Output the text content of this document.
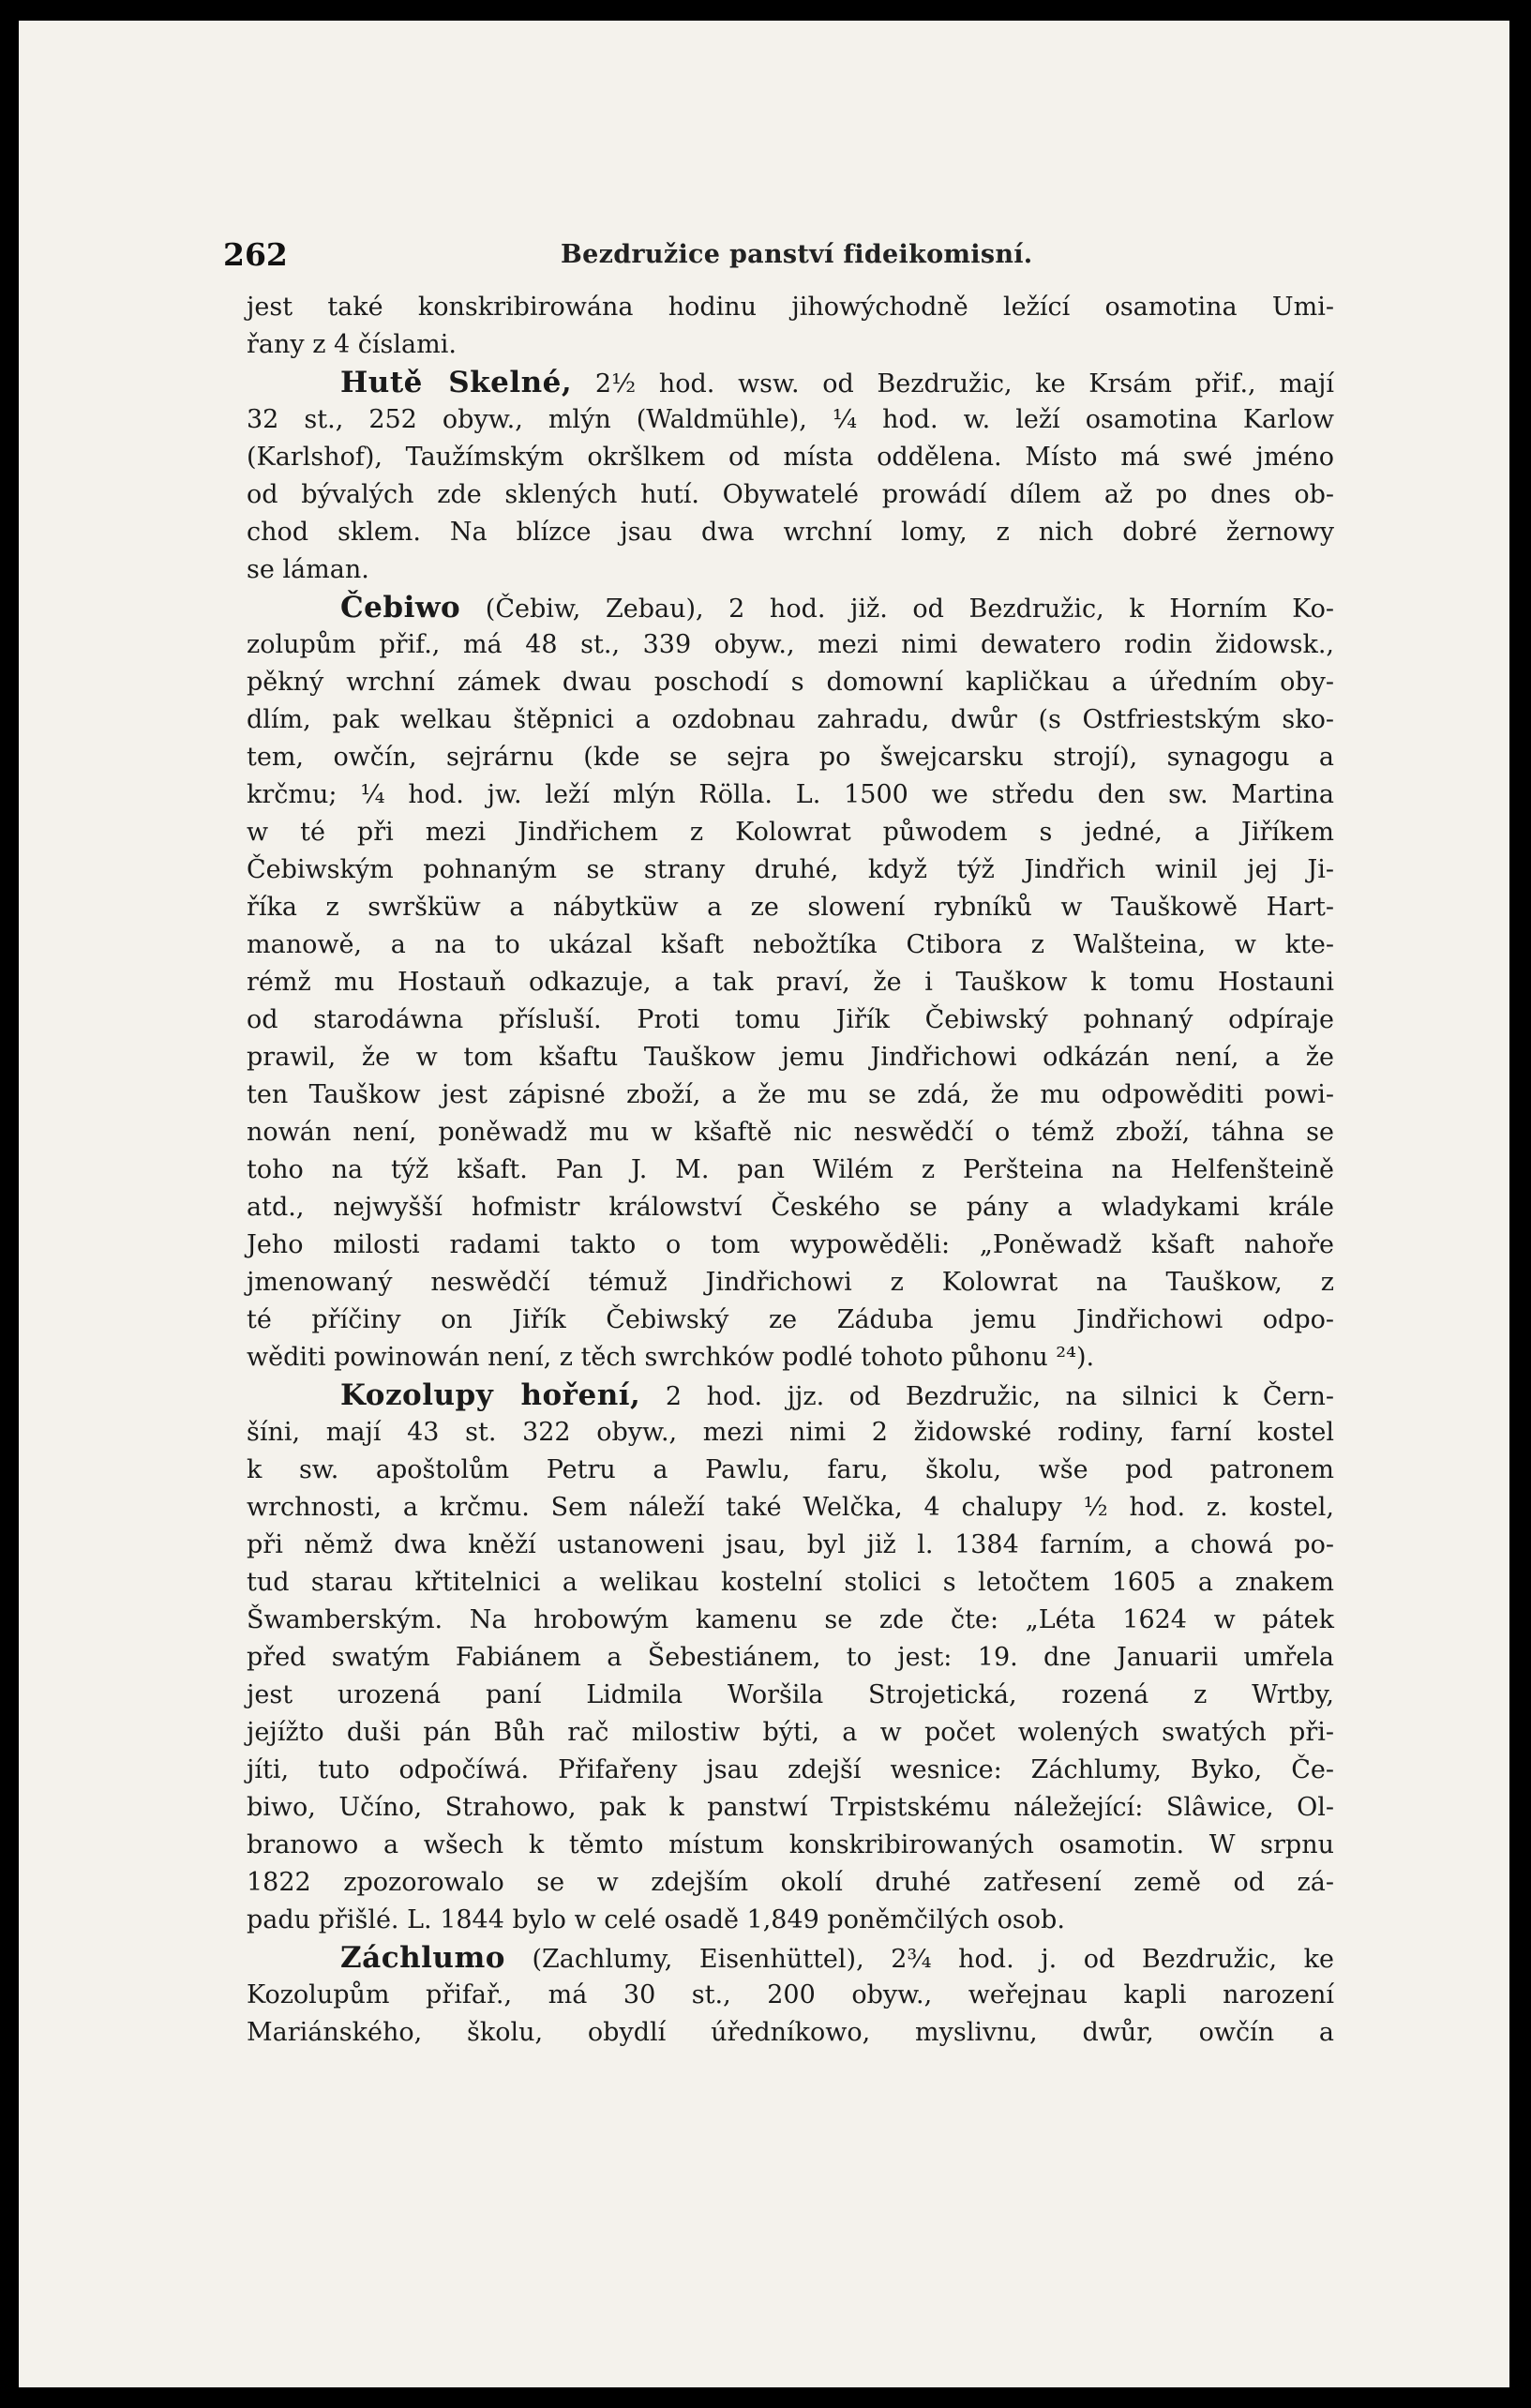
262	Bezdružice panství fideikomisní.
jest také konskribirowána hodinu jihowýchodně ležící osamotina Umi-
řany z 4 číslami.
Hutě Skelné, 2½ hod. wsw. od Bezdružic, ke Krsám přif., mají
32 st., 252 obyw., mlýn (Waldmühle), ¼ hod. w. leží osamotina Karlow
(Karlshof), Taužímským okršlkem od místa oddělena. Místo má swé jméno
od bývalých zde sklených hutí. Obywatelé prowádí dílem až po dnes ob-
chod sklem. Na blízce jsau dwa wrchní lomy, z nich dobré žernowy
se láman.
Čebiwo (Čebiw, Zebau), 2 hod. již. od Bezdružic, k Horním Ko-
zolupům přif., má 48 st., 339 obyw., mezi nimi dewatero rodin židowsk.,
pěkný wrchní zámek dwau poschodí s domowní kapličkau a úředním oby-
dlím, pak welkau štěpnici a ozdobnau zahradu, dwůr (s Ostfriestským sko-
tem, owčín, sejrárnu (kde se sejra po šwejcarsku strojí), synagogu a
krčmu; ¼ hod. jw. leží mlýn Rölla. L. 1500 we středu den sw. Martina
w té při mezi Jindřichem z Kolowrat půwodem s jedné, a Jiříkem
Čebiwským pohnaným se strany druhé, když týž Jindřich winil jej Ji-
říka z swršküw a nábytküw a ze slowení rybníků w Tauškowě Hart-
manowě, a na to ukázal kšaft nebožtíka Ctibora z Walšteina, w kte-
rémž mu Hostauň odkazuje, a tak praví, že i Tauškow k tomu Hostauni
od starodáwna přísluší. Proti tomu Jiřík Čebiwský pohnaný odpíraje
prawil, že w tom kšaftu Tauškow jemu Jindřichowi odkázán není, a že
ten Tauškow jest zápisné zboží, a že mu se zdá, že mu odpowěditi powi-
nowán není, poněwadž mu w kšaftě nic neswědčí o témž zboží, táhna se
toho na týž kšaft. Pan J. M. pan Wilém z Peršteina na Helfenšteině
atd., nejwyšší hofmistr králowství Českého se pány a wladykami krále
Jeho milosti radami takto o tom wypowěděli: „Poněwadž kšaft nahoře
jmenowaný neswědčí témuž Jindřichowi z Kolowrat na Tauškow, z
té příčiny on Jiřík Čebiwský ze Záduba jemu Jindřichowi odpo-
wěditi powinowán není, z těch swrchków podlé tohoto půhonu ²⁴).
Kozolupy hoření, 2 hod. jjz. od Bezdružic, na silnici k Čern-
šíni, mají 43 st. 322 obyw., mezi nimi 2 židowské rodiny, farní kostel
k sw. apoštolům Petru a Pawlu, faru, školu, wše pod patronem
wrchnosti, a krčmu. Sem náleží také Welčka, 4 chalupy ½ hod. z. kostel,
při němž dwa kněží ustanoweni jsau, byl již l. 1384 farním, a chowá po-
tud starau křtitelnici a welikau kostelní stolici s letočtem 1605 a znakem
Šwamberským. Na hrobowým kamenu se zde čte: „Léta 1624 w pátek
před swatým Fabiánem a Šebestiánem, to jest: 19. dne Januarii umřela
jest urozená paní Lidmila Woršila Strojetická, rozená z Wrtby,
jejížto duši pán Bůh rač milostiw býti, a w počet wolených swatých při-
jíti, tuto odpočíwá. Přifařeny jsau zdejší wesnice: Záchlumy, Byko, Če-
biwo, Učíno, Strahowo, pak k panstwí Trpistskému náležející: Slâwice, Ol-
branowo a wšech k těmto místum konskribirowaných osamotin. W srpnu
1822 zpozorowalo se w zdejším okolí druhé zatřesení země od zá-
padu přišlé. L. 1844 bylo w celé osadě 1,849 poněmčilých osob.
Záchlumo (Zachlumy, Eisenhüttel), 2¾ hod. j. od Bezdružic, ke
Kozolupům přifař., má 30 st., 200 obyw., weřejnau kapli narození
Mariánského, školu, obydlí úředníkowo, myslivnu, dwůr, owčín a
